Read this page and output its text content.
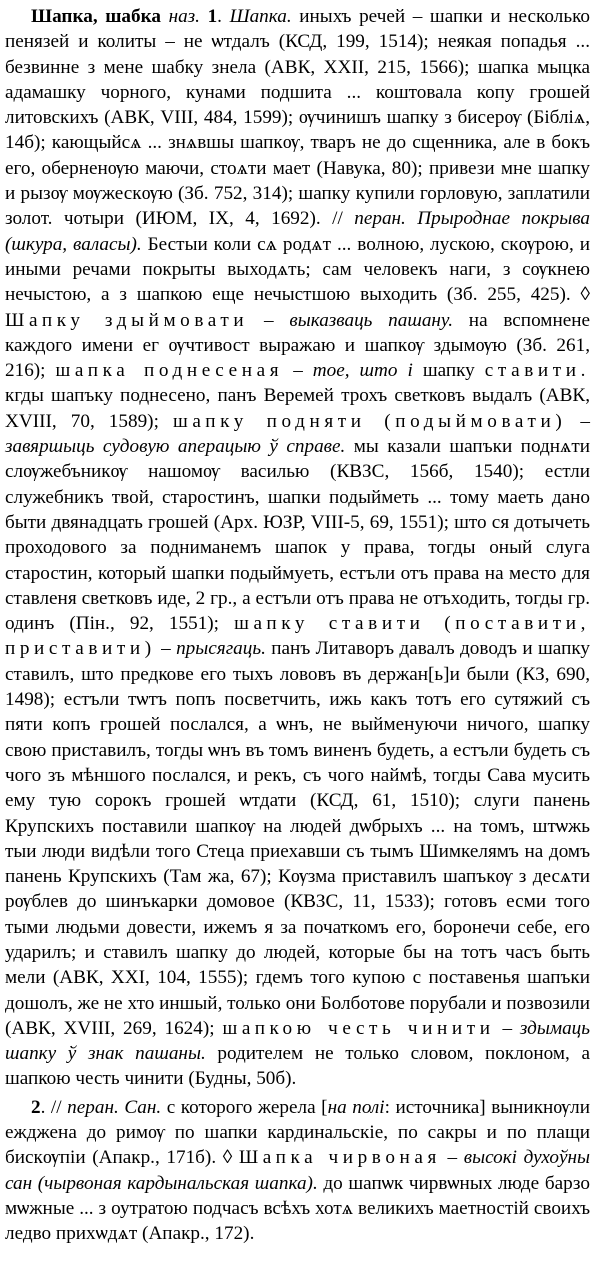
Шапка, шабка наз. 1. Шапка. иныхъ речей – шапки и несколько пенязей и колиты – не ѡтдалъ (КСД, 199, 1514); неякая попадья ... безвинне з мене шабку знела (АВК, XXII, 215, 1566); шапка мыцка адамашку чорного, кунами подшита ... коштовала копу грошей литовскихъ (АВК, VIII, 484, 1599); ѹчинишъ шапку з бисерѹ (Бібліѧ, 14б); кающыйсѧ ... знѧвшы шапкѹ, тваръ не до сщенника, але в бокъ его, оберненѹю маючи, стоѧти мает (Навука, 80); привези мне шапку и рызѹ мѹжескѹю (Зб. 752, 314); шапку купили горловую, заплатили золот. чотыри (ИЮМ, IX, 4, 1692). // перан. Прыроднае покрыва (шкура, валасы). Бестыи коли сѧ родѧт ... волною, лускою, скѹрою, и иными речами покрыты выходѧть; сам человекъ наги, з сѹкнею нечыстою, а з шапкою еще нечыстшою выходить (Зб. 255, 425). ◊ Шапку здыймовати – выказваць пашану. на вспомнене каждого имени ег ѹчтивост выражаю и шапкѹ здымѹю (Зб. 261, 216); шапка поднесеная – тое, што і шапку ставити. кгды шапъку поднесено, панъ Веремей трохъ светковъ выдалъ (АВК, XVIII, 70, 1589); шапку подняти (подыймовати) – завяршыць судовую аперацыю ў справе. мы казали шапъки поднѧти слѹжебъникѹ нашомѹ василью (КВЗС, 156б, 1540); естли служебникъ твой, старостинъ, шапки подыйметь ... тому маеть дано быти двянадцать грошей (Арх. ЮЗР, VIII-5, 69, 1551); што ся дотычеть проходового за подниманемъ шапок у права, тогды оный слуга старостин, который шапки подыймуеть, естъли отъ права на место для ставленя светковъ иде, 2 гр., а естъли отъ права не отъходить, тогды гр. одинъ (Пін., 92, 1551); шапку ставити (поставити, приставити) – прысягаць. панъ Литаворъ давалъ доводъ и шапку ставилъ, што предкове его тыхъ лововъ въ держан[ь]и были (КЗ, 690, 1498); естъли тѡтъ попъ посветчить, ижь какъ тотъ его сутяжий съ пяти копъ грошей послался, а ѡнъ, не выйменуючи ничого, шапку свою приставилъ, тогды ѡнъ въ томъ виненъ будеть, а естъли будеть съ чого зъ мѣншого послался, и рекъ, съ чого наймѣ, тогды Сава мусить ему тую сорокъ грошей ѡтдати (КСД, 61, 1510); слуги панень Крупскихъ поставили шапкѹ на людей дѡбрыхъ ... на томъ, штѡжь тыи люди видѣли того Стеца приехавши съ тымъ Шимкелямъ на домъ панень Крупскихъ (Там жа, 67); Кѹзма приставилъ шапъкѹ з десѧти рѹблев до шинъкарки домовое (КВЗС, 11, 1533); готовъ есми того тыми людьми довести, ижемъ я за початкомъ его, боронечи себе, его ударилъ; и ставилъ шапку до людей, которые бы на тотъ часъ быть мели (АВК, XXI, 104, 1555); гдемъ того купою с поставенья шапъки дошолъ, же не хто иншый, только они Болботове порубали и позвозили (АВК, XVIII, 269, 1624); шапкою честь чинити – здымаць шапку ў знак пашаны. родителем не только словом, поклоном, а шапкою честь чинити (Будны, 50б).

2. // перан. Сан. с которого жерела [на полі: источника] выникнѹли ежджена до римѹ по шапки кардинальскіе, по сакры и по плащи бискѹпіи (Апакр., 171б). ◊ Шапка чирвоная – высокі духоўны сан (чырвоная кардынальская шапка). до шапѡк чирвѡных люде барзо мѡжные ... з оутратою подчасъ всѣхъ хотѧ великихъ маетностій своихъ ледво прихѡдѧт (Апакр., 172).
